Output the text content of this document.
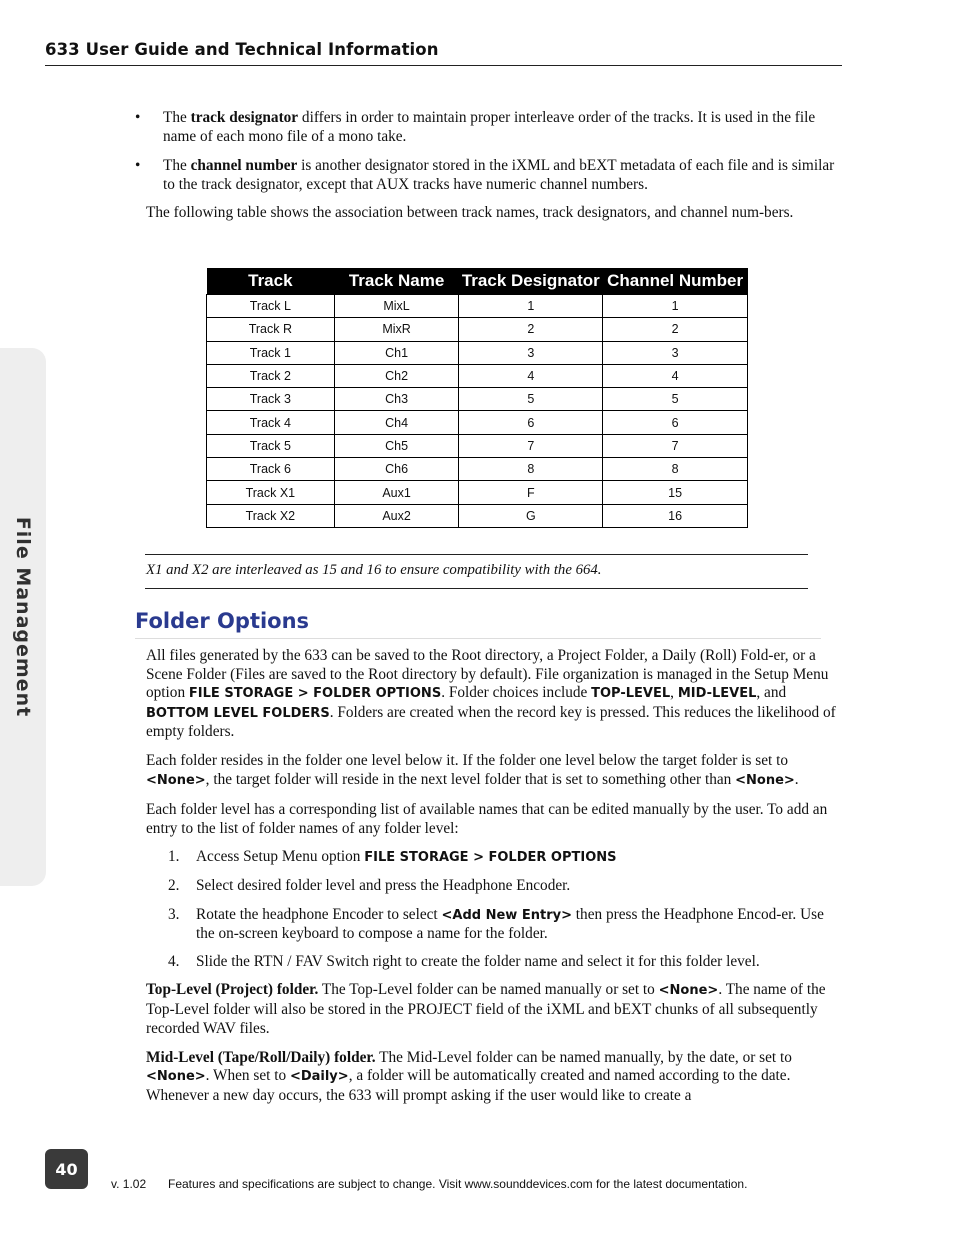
633 User Guide and Technical Information
File Management

• The track designator differs in order to maintain proper interleave order of the tracks. It is used in the file name of each mono file of a mono take.

• The channel number is another designator stored in the iXML and bEXT metadata of each file and is similar to the track designator, except that AUX tracks have numeric channel numbers.

The following table shows the association between track names, track designators, and channel num-bers.

Track	Track Name	Track Designator	Channel Number
Track L	MixL	1	1
Track R	MixR	2	2
Track 1	Ch1	3	3
Track 2	Ch2	4	4
Track 3	Ch3	5	5
Track 4	Ch4	6	6
Track 5	Ch5	7	7
Track 6	Ch6	8	8
Track X1	Aux1	F	15
Track X2	Aux2	G	16
X1 and X2 are interleaved as 15 and 16 to ensure compatibility with the 664.
Folder Options

All files generated by the 633 can be saved to the Root directory, a Project Folder, a Daily (Roll) Fold-er, or a Scene Folder (Files are saved to the Root directory by default). File organization is managed in the Setup Menu option FILE STORAGE > FOLDER OPTIONS. Folder choices include TOP-LEVEL, MID-LEVEL, and BOTTOM LEVEL FOLDERS. Folders are created when the record key is pressed. This reduces the likelihood of empty folders.

Each folder resides in the folder one level below it. If the folder one level below the target folder is set to <None>, the target folder will reside in the next level folder that is set to something other than <None>.

Each folder level has a corresponding list of available names that can be edited manually by the user. To add an entry to the list of folder names of any folder level:

1. Access Setup Menu option FILE STORAGE > FOLDER OPTIONS
2. Select desired folder level and press the Headphone Encoder.
3. Rotate the headphone Encoder to select <Add New Entry> then press the Headphone Encod-er. Use the on-screen keyboard to compose a name for the folder.
4. Slide the RTN / FAV Switch right to create the folder name and select it for this folder level.

Top-Level (Project) folder. The Top-Level folder can be named manually or set to <None>. The name of the Top-Level folder will also be stored in the PROJECT field of the iXML and bEXT chunks of all subsequently recorded WAV files.

Mid-Level (Tape/Roll/Daily) folder. The Mid-Level folder can be named manually, by the date, or set to <None>. When set to <Daily>, a folder will be automatically created and named according to the date. Whenever a new day occurs, the 633 will prompt asking if the user would like to create a

40
v. 1.02 Features and specifications are subject to change. Visit www.sounddevices.com for the latest documentation.
